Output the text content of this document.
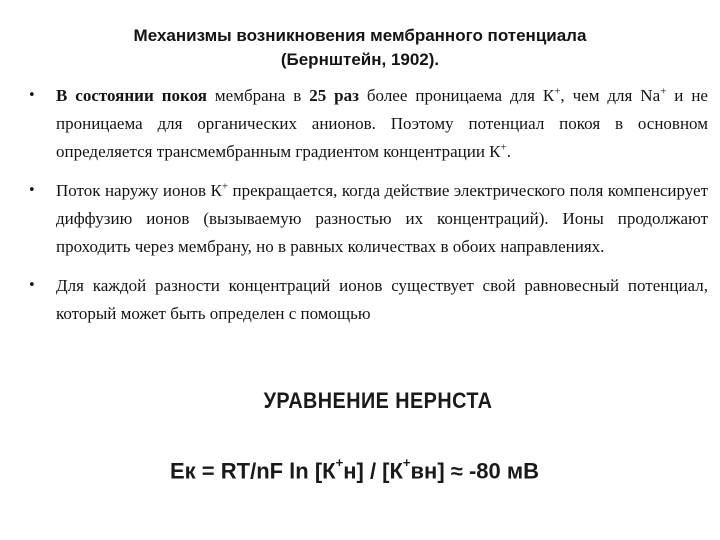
Механизмы возникновения мембранного потенциала
(Бернштейн, 1902).
• В состоянии покоя мембрана в 25 раз более проницаема для К+, чем для Na+ и не проницаема для органических анионов. Поэтому потенциал покоя в основном определяется трансмембранным градиентом концентрации К+.
• Поток наружу ионов К+ прекращается, когда действие электрического поля компенсирует диффузию ионов (вызываемую разностью их концентраций). Ионы продолжают проходить через мембрану, но в равных количествах в обоих направлениях.
• Для каждой разности концентраций ионов существует свой равновесный потенциал, который может быть определен с помощью
УРАВНЕНИЕ НЕРНСТА
Ек = RT/nF ln [К+н] / [К+вн] ≈ -80 мВ
